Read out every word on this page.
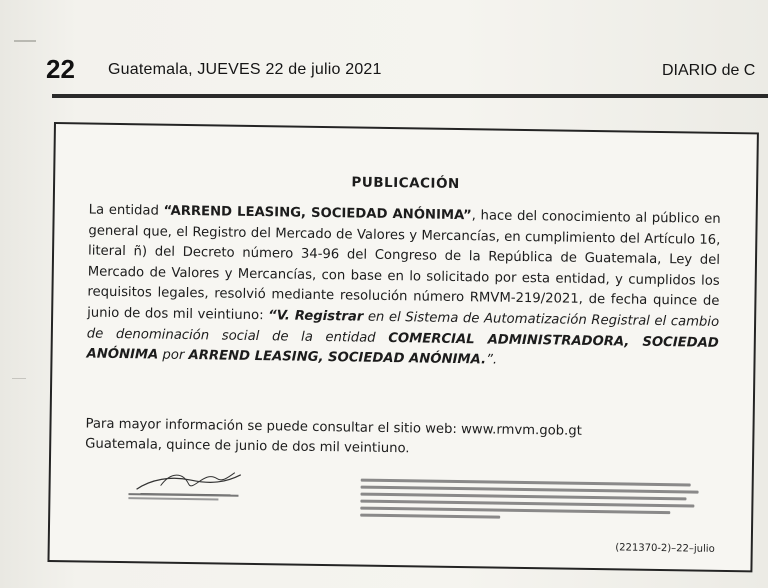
22 Guatemala, JUEVES 22 de julio 2021	DIARIO de C
PUBLICACIÓN
La entidad “ARREND LEASING, SOCIEDAD ANÓNIMA”, hace del conocimiento al público en general que, el Registro del Mercado de Valores y Mercancías, en cumplimiento del Artículo 16, literal ñ) del Decreto número 34-96 del Congreso de la República de Guatemala, Ley del Mercado de Valores y Mercancías, con base en lo solicitado por esta entidad, y cumplidos los requisitos legales, resolvió mediante resolución número RMVM-219/2021, de fecha quince de junio de dos mil veintiuno: “V. Registrar en el Sistema de Automatización Registral el cambio de denominación social de la entidad COMERCIAL ADMINISTRADORA, SOCIEDAD ANÓNIMA por ARREND LEASING, SOCIEDAD ANÓNIMA.”.
Para mayor información se puede consultar el sitio web: www.rmvm.gob.gt
Guatemala, quince de junio de dos mil veintiuno.
(221370-2)–22–julio
